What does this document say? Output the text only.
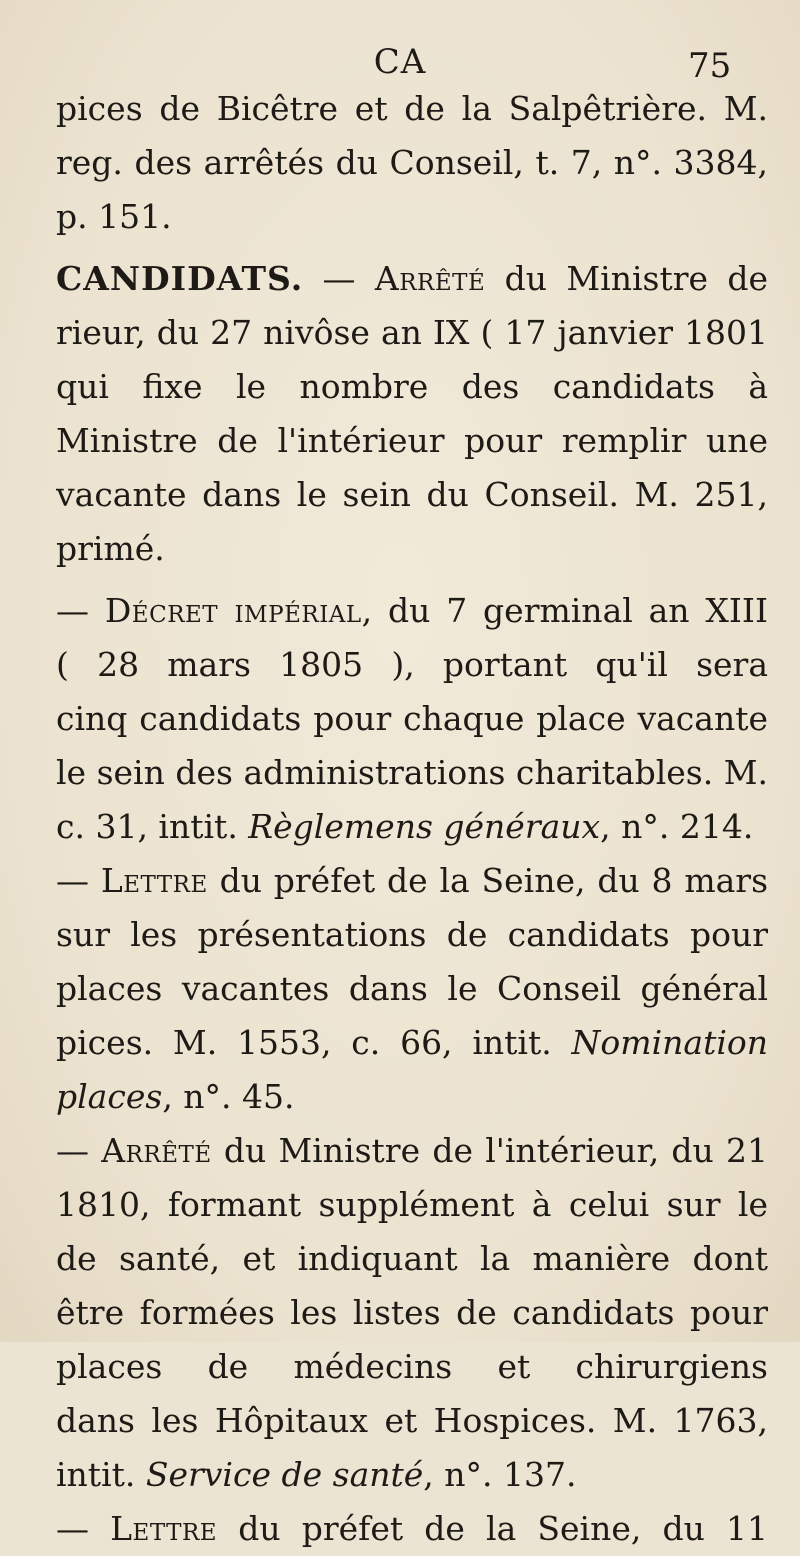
CA	75
pices de Bicêtre et de la Salpêtrière. M.
reg. des arrêtés du Conseil, t. 7, n°. 3384,
p. 151.
CANDIDATS. — Arrêté du Ministre de
rieur, du 27 nivôse an IX ( 17 janvier 1801
qui fixe le nombre des candidats à
Ministre de l'intérieur pour remplir une
vacante dans le sein du Conseil. M. 251,
primé.
— Décret impérial, du 7 germinal an XIII
( 28 mars 1805 ), portant qu'il sera
cinq candidats pour chaque place vacante
le sein des administrations charitables. M.
c. 31, intit. Règlemens généraux, n°. 214.
— Lettre du préfet de la Seine, du 8 mars
sur les présentations de candidats pour
places vacantes dans le Conseil général
pices. M. 1553, c. 66, intit. Nomination
places, n°. 45.
— Arrêté du Ministre de l'intérieur, du 21
1810, formant supplément à celui sur le
de santé, et indiquant la manière dont
être formées les listes de candidats pour
places de médecins et chirurgiens
dans les Hôpitaux et Hospices. M. 1763,
intit. Service de santé, n°. 137.
— Lettre du préfet de la Seine, du 11
